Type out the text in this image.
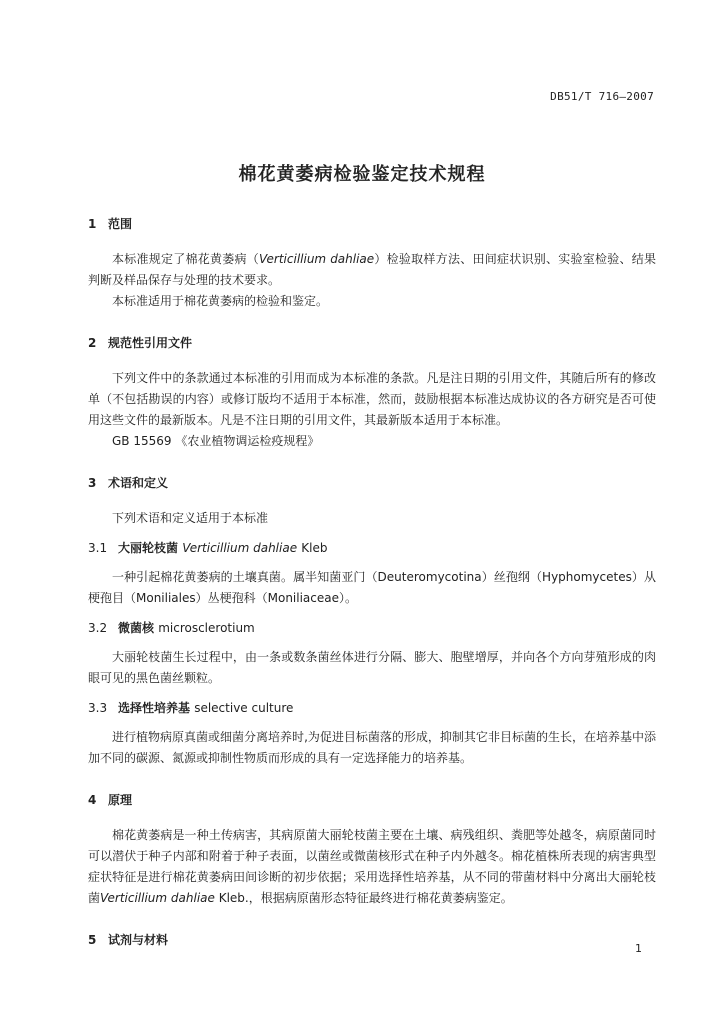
DB51/T 716—2007
棉花黄萎病检验鉴定技术规程
1 范围

本标准规定了棉花黄萎病（Verticillium dahliae）检验取样方法、田间症状识别、实验室检验、结果判断及样品保存与处理的技术要求。

本标准适用于棉花黄萎病的检验和鉴定。

2 规范性引用文件

下列文件中的条款通过本标准的引用而成为本标准的条款。凡是注日期的引用文件，其随后所有的修改单（不包括勘误的内容）或修订版均不适用于本标准，然而，鼓励根据本标准达成协议的各方研究是否可使用这些文件的最新版本。凡是不注日期的引用文件，其最新版本适用于本标准。

GB 15569 《农业植物调运检疫规程》

3 术语和定义

下列术语和定义适用于本标准

3.1 大丽轮枝菌 Verticillium dahliae Kleb

一种引起棉花黄萎病的土壤真菌。属半知菌亚门（Deuteromycotina）丝孢纲（Hyphomycetes）从梗孢目（Moniliales）丛梗孢科（Moniliaceae）。

3.2 微菌核 microsclerotium

大丽轮枝菌生长过程中，由一条或数条菌丝体进行分隔、膨大、胞壁增厚，并向各个方向芽殖形成的肉眼可见的黑色菌丝颗粒。

3.3 选择性培养基 selective culture

进行植物病原真菌或细菌分离培养时,为促进目标菌落的形成，抑制其它非目标菌的生长，在培养基中添加不同的碳源、氮源或抑制性物质而形成的具有一定选择能力的培养基。

4 原理

棉花黄萎病是一种土传病害，其病原菌大丽轮枝菌主要在土壤、病残组织、粪肥等处越冬，病原菌同时可以潜伏于种子内部和附着于种子表面，以菌丝或微菌核形式在种子内外越冬。棉花植株所表现的病害典型症状特征是进行棉花黄萎病田间诊断的初步依据；采用选择性培养基，从不同的带菌材料中分离出大丽轮枝菌Verticillium dahliae Kleb.，根据病原菌形态特征最终进行棉花黄萎病鉴定。

5 试剂与材料
1
